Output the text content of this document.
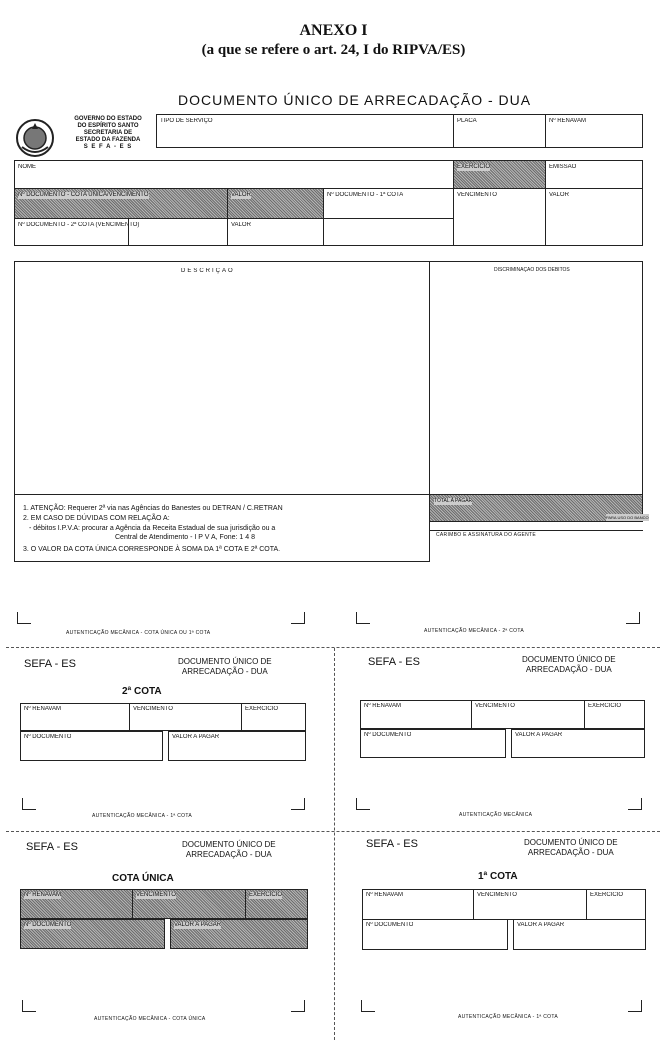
ANEXO I
(a que se refere o art. 24, I do RIPVA/ES)
DOCUMENTO ÚNICO DE ARRECADAÇÃO - DUA
GOVERNO DO ESTADO
DO ESPÍRITO SANTO
SECRETARIA DE
ESTADO DA FAZENDA
S E F A - E S
TIPO DE SERVIÇO	PLACA	Nº RENAVAM
NOME	EXERCÍCIO	EMISSÃO
Nº DOCUMENTO - COTA ÚNICA/VENCIMENTO	VALOR	Nº DOCUMENTO - 1ª COTA	VENCIMENTO	VALOR
Nº DOCUMENTO - 2ª COTA (VENCIMENTO)	VALOR
DESCRIÇÃO	DISCRIMINAÇÃO DOS DÉBITOS
1. ATENÇÃO: Requerer 2ª via nas Agências do Banestes ou DETRAN / C.RETRAN
2. EM CASO DE DÚVIDAS COM RELAÇÃO A:
- débitos I.P.V.A: procurar a Agência da Receita Estadual de sua jurisdição ou a
Central de Atendimento - I P V A, Fone: 1 4 8
3. O VALOR DA COTA ÚNICA CORRESPONDE À SOMA DA 1ª COTA E 2ª COTA.
TOTAL A PAGAR
PARA USO DO BANCO
CARIMBO E ASSINATURA DO AGENTE
AUTENTICAÇÃO MECÂNICA - COTA ÚNICA OU 1ª COTA	AUTENTICAÇÃO MECÂNICA - 2ª COTA
SEFA - ES	DOCUMENTO ÚNICO DE
ARRECADAÇÃO - DUA
2ª COTA
Nº RENAVAM	VENCIMENTO	EXERCÍCIO
Nº DOCUMENTO	VALOR A PAGAR
AUTENTICAÇÃO MECÂNICA - 1ª COTA
SEFA - ES	DOCUMENTO ÚNICO DE
ARRECADAÇÃO - DUA
Nº RENAVAM	VENCIMENTO	EXERCÍCIO
Nº DOCUMENTO	VALOR A PAGAR
AUTENTICAÇÃO MECÂNICA
SEFA - ES	DOCUMENTO ÚNICO DE
ARRECADAÇÃO - DUA
COTA ÚNICA
Nº RENAVAM	VENCIMENTO	EXERCÍCIO
Nº DOCUMENTO	VALOR A PAGAR
AUTENTICAÇÃO MECÂNICA - COTA ÚNICA
SEFA - ES	DOCUMENTO ÚNICO DE
ARRECADAÇÃO - DUA
1ª COTA
Nº RENAVAM	VENCIMENTO	EXERCÍCIO
Nº DOCUMENTO	VALOR A PAGAR
AUTENTICAÇÃO MECÂNICA - 1ª COTA
